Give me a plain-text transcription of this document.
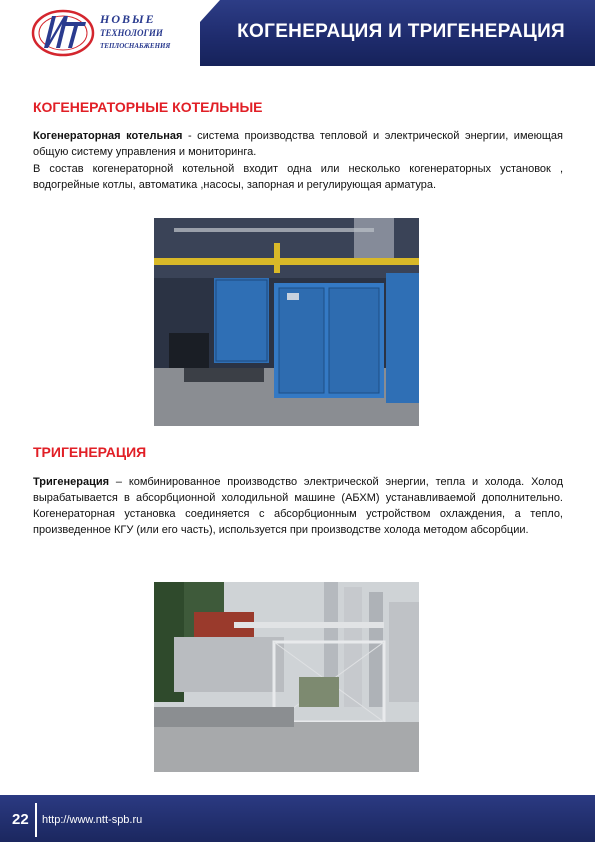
НОВЫЕ
ТЕХНОЛОГИИ
ТЕПЛОСНАБЖЕНИЯ
КОГЕНЕРАЦИЯ И ТРИГЕНЕРАЦИЯ
КОГЕНЕРАТОРНЫЕ КОТЕЛЬНЫЕ

Когенераторная котельная - система производства тепловой и электрической энергии, имеющая общую систему управления и мониторинга.

В состав когенераторной котельной входит одна или несколько когенераторных установок , водогрейные котлы, автоматика ,насосы, запорная и регулирующая арматура.

ТРИГЕНЕРАЦИЯ

Тригенерация – комбинированное производство электрической энергии, тепла и холода. Холод вырабатывается в абсорбционной холодильной машине (АБХМ) устанавливаемой дополнительно. Когенераторная установка соединяется с абсорбционным устройством охлаждения, а тепло, произведенное КГУ (или его часть), используется при производстве холода методом абсорбции.

22 http://www.ntt-spb.ru
